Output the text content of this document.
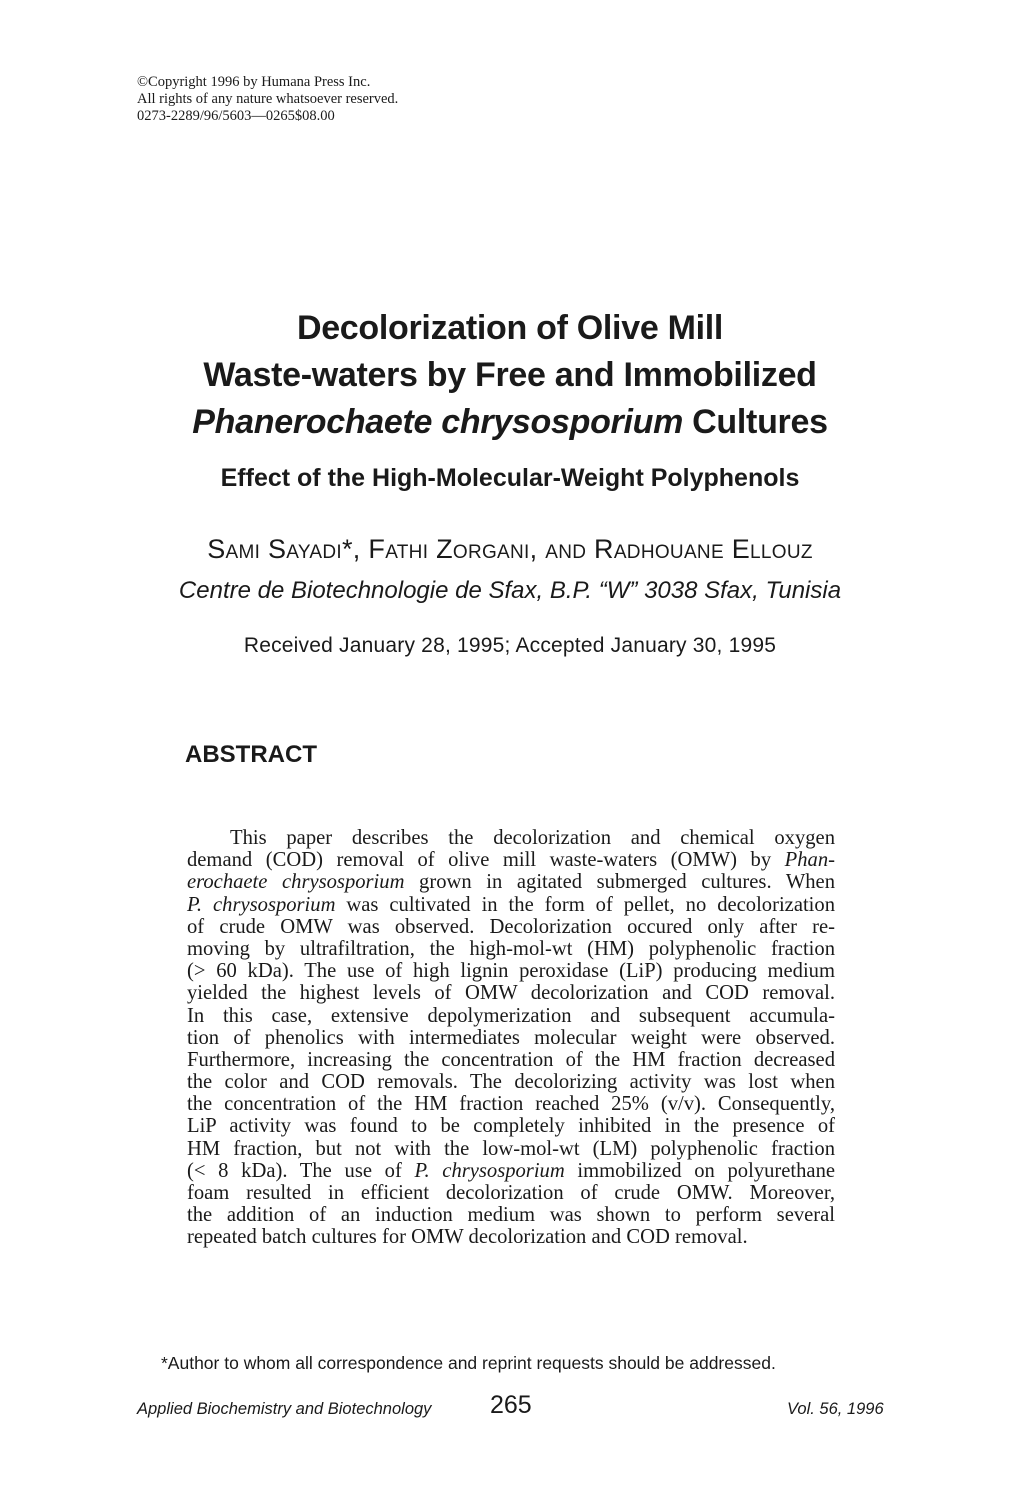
©Copyright 1996 by Humana Press Inc.
All rights of any nature whatsoever reserved.
0273-2289/96/5603—0265$08.00
Decolorization of Olive Mill
Waste-waters by Free and Immobilized
Phanerochaete chrysosporium Cultures
Effect of the High-Molecular-Weight Polyphenols
Sami Sayadi*, Fathi Zorgani, and Radhouane Ellouz
Centre de Biotechnologie de Sfax, B.P. “W” 3038 Sfax, Tunisia
Received January 28, 1995; Accepted January 30, 1995
ABSTRACT
This paper describes the decolorization and chemical oxygen
demand (COD) removal of olive mill waste-waters (OMW) by Phan-
erochaete chrysosporium grown in agitated submerged cultures. When
P. chrysosporium was cultivated in the form of pellet, no decolorization
of crude OMW was observed. Decolorization occured only after re-
moving by ultrafiltration, the high-mol-wt (HM) polyphenolic fraction
(> 60 kDa). The use of high lignin peroxidase (LiP) producing medium
yielded the highest levels of OMW decolorization and COD removal.
In this case, extensive depolymerization and subsequent accumula-
tion of phenolics with intermediates molecular weight were observed.
Furthermore, increasing the concentration of the HM fraction decreased
the color and COD removals. The decolorizing activity was lost when
the concentration of the HM fraction reached 25% (v/v). Consequently,
LiP activity was found to be completely inhibited in the presence of
HM fraction, but not with the low-mol-wt (LM) polyphenolic fraction
(< 8 kDa). The use of P. chrysosporium immobilized on polyurethane
foam resulted in efficient decolorization of crude OMW. Moreover,
the addition of an induction medium was shown to perform several
repeated batch cultures for OMW decolorization and COD removal.
*Author to whom all correspondence and reprint requests should be addressed.
Applied Biochemistry and Biotechnology 265	Vol. 56, 1996
